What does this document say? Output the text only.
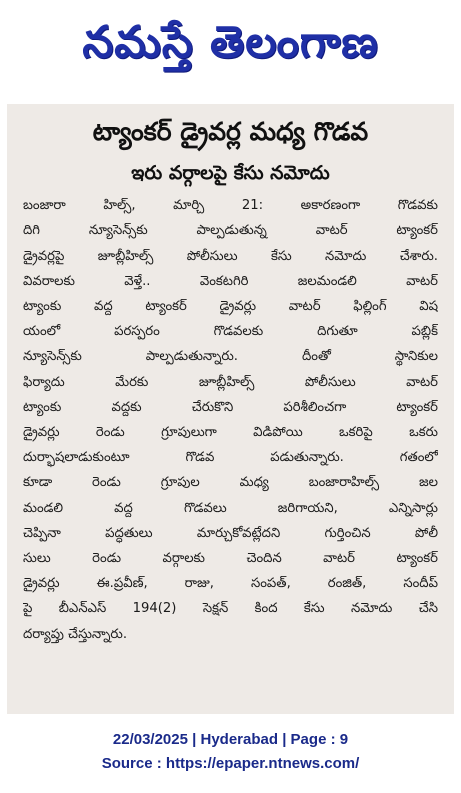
నమస్తే తెలంగాణ
ట్యాంకర్ డ్రైవర్ల మధ్య గొడవ
ఇరు వర్గాలపై కేసు నమోదు
బంజారా హిల్స్, మార్చి 21: అకారణంగా గొడవకు
దిగి న్యూసెన్స్‌కు పాల్పడుతున్న వాటర్ ట్యాంకర్
డ్రైవర్లపై జూబ్లీహిల్స్ పోలీసులు కేసు నమోదు చేశారు.
వివరాలకు వెళ్తే.. వెంకటగిరి జలమండలి వాటర్
ట్యాంకు వద్ద ట్యాంకర్ డ్రైవర్లు వాటర్ ఫిల్లింగ్ విష
యంలో పరస్పరం గొడవలకు దిగుతూ పబ్లిక్
న్యూసెన్స్‌కు పాల్పడుతున్నారు. దీంతో స్థానికుల
ఫిర్యాదు మేరకు జూబ్లీహిల్స్ పోలీసులు వాటర్
ట్యాంకు వద్దకు చేరుకొని పరిశీలించగా ట్యాంకర్
డ్రైవర్లు రెండు గ్రూపులుగా విడిపోయి ఒకరిపై ఒకరు
దుర్భాషలాడుకుంటూ గొడవ పడుతున్నారు. గతంలో
కూడా రెండు గ్రూపుల మధ్య బంజారాహిల్స్ జల
మండలి వద్ద గొడవలు జరిగాయని, ఎన్నిసార్లు
చెప్పినా పద్ధతులు మార్చుకోవట్లేదని గుర్తించిన పోలీ
సులు రెండు వర్గాలకు చెందిన వాటర్ ట్యాంకర్
డ్రైవర్లు ఈ.ప్రవీణ్, రాజు, సంపత్, రంజిత్, సందీప్
పై బీఎన్‌ఎస్ 194(2) సెక్షన్ కింద కేసు నమోదు చేసి
దర్యాప్తు చేస్తున్నారు.
22/03/2025 | Hyderabad | Page : 9
Source : https://epaper.ntnews.com/
